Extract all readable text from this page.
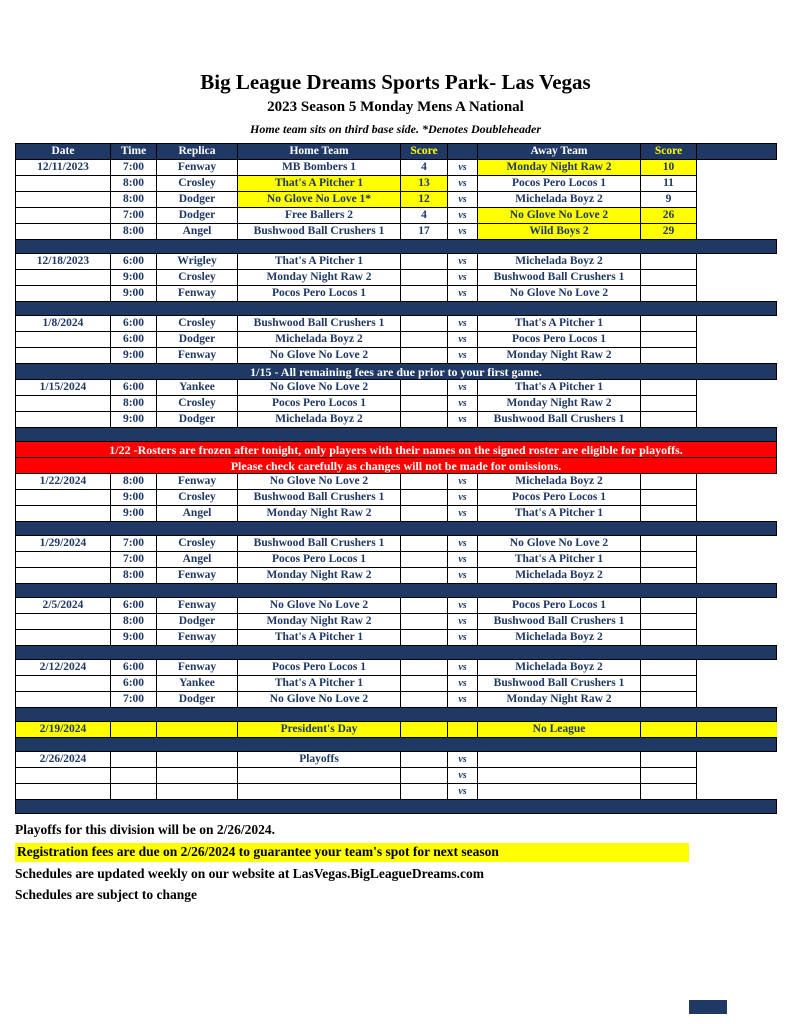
Big League Dreams Sports Park- Las Vegas
2023 Season 5 Monday Mens A National
Home team sits on third base side. *Denotes Doubleheader
Date	Time	Replica	Home Team	Score		Away Team	Score	
12/11/2023	7:00	Fenway	MB Bombers 1	4	vs	Monday Night Raw 2	10	
	8:00	Crosley	That's A Pitcher 1	13	vs	Pocos Pero Locos 1	11	
	8:00	Dodger	No Glove No Love 1*	12	vs	Michelada Boyz 2	9	
	7:00	Dodger	Free Ballers 2	4	vs	No Glove No Love 2	26	
	8:00	Angel	Bushwood Ball Crushers 1	17	vs	Wild Boys 2	29	

12/18/2023	6:00	Wrigley	That's A Pitcher 1		vs	Michelada Boyz 2		
	9:00	Crosley	Monday Night Raw 2		vs	Bushwood Ball Crushers 1		
	9:00	Fenway	Pocos Pero Locos 1		vs	No Glove No Love 2		

1/8/2024	6:00	Crosley	Bushwood Ball Crushers 1		vs	That's A Pitcher 1		
	6:00	Dodger	Michelada Boyz 2		vs	Pocos Pero Locos 1		
	9:00	Fenway	No Glove No Love 2		vs	Monday Night Raw 2		
1/15 - All remaining fees are due prior to your first game.								
1/15/2024	6:00	Yankee	No Glove No Love 2		vs	That's A Pitcher 1		
	8:00	Crosley	Pocos Pero Locos 1		vs	Monday Night Raw 2		
	9:00	Dodger	Michelada Boyz 2		vs	Bushwood Ball Crushers 1		

1/22 -Rosters are frozen after tonight, only players with their names on the signed roster are eligible for playoffs.								
Please check carefully as changes will not be made for omissions.								
1/22/2024	8:00	Fenway	No Glove No Love 2		vs	Michelada Boyz 2		
	9:00	Crosley	Bushwood Ball Crushers 1		vs	Pocos Pero Locos 1		
	9:00	Angel	Monday Night Raw 2		vs	That's A Pitcher 1		

1/29/2024	7:00	Crosley	Bushwood Ball Crushers 1		vs	No Glove No Love 2		
	7:00	Angel	Pocos Pero Locos 1		vs	That's A Pitcher 1		
	8:00	Fenway	Monday Night Raw 2		vs	Michelada Boyz 2		

2/5/2024	6:00	Fenway	No Glove No Love 2		vs	Pocos Pero Locos 1		
	8:00	Dodger	Monday Night Raw 2		vs	Bushwood Ball Crushers 1		
	9:00	Fenway	That's A Pitcher 1		vs	Michelada Boyz 2		

2/12/2024	6:00	Fenway	Pocos Pero Locos 1		vs	Michelada Boyz 2		
	6:00	Yankee	That's A Pitcher 1		vs	Bushwood Ball Crushers 1		
	7:00	Dodger	No Glove No Love 2		vs	Monday Night Raw 2		

2/19/2024			President's Day			No League		

2/26/2024			Playoffs		vs			
					vs			
					vs			

Playoffs for this division will be on 2/26/2024.
Registration fees are due on 2/26/2024 to guarantee your team's spot for next season
Schedules are updated weekly on our website at LasVegas.BigLeagueDreams.com
Schedules are subject to change
